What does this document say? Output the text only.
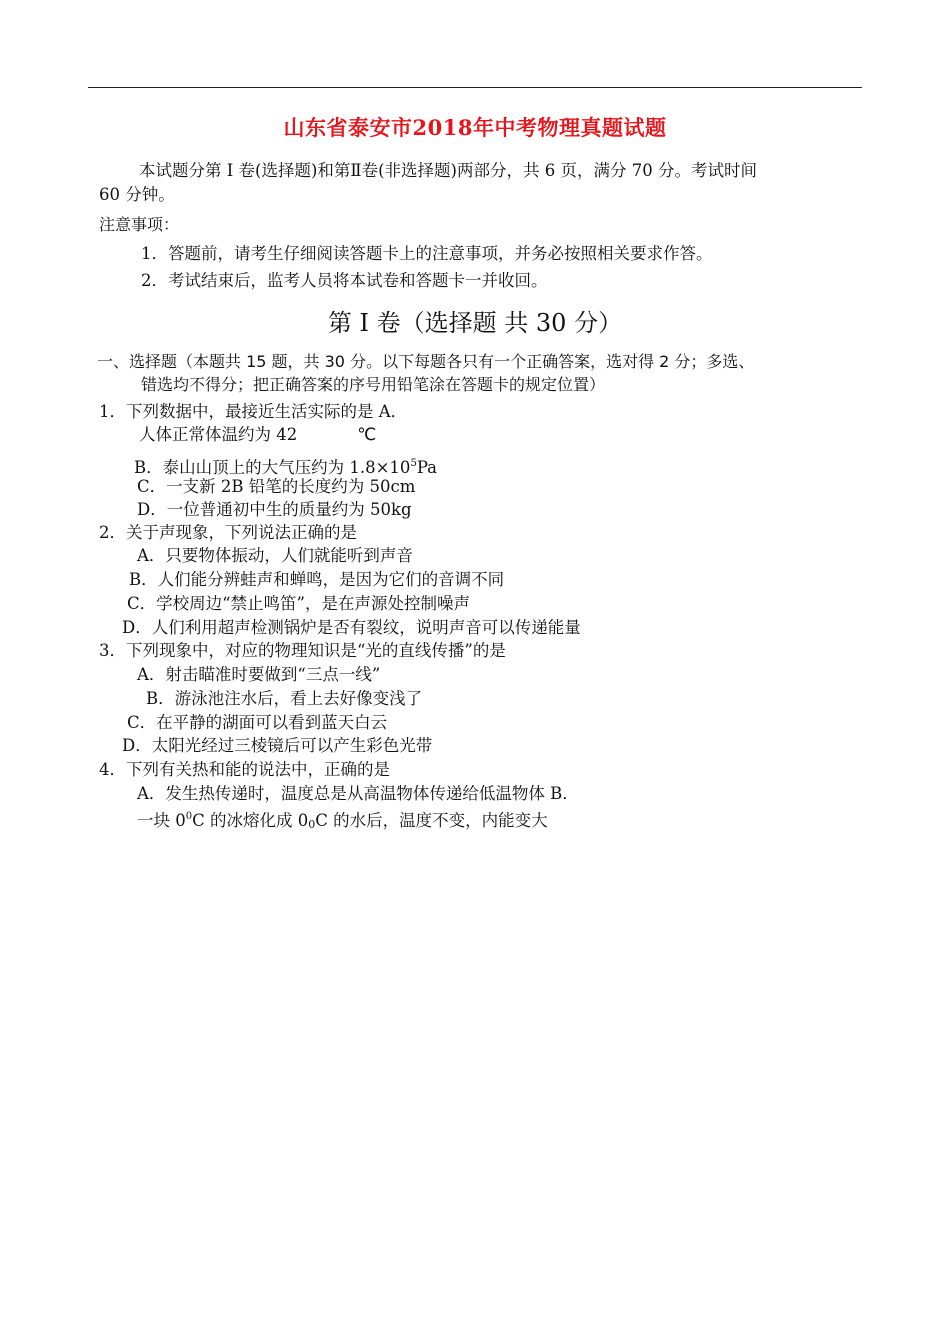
山东省泰安市2018年中考物理真题试题
本试题分第 I 卷(选择题)和第Ⅱ卷(非选择题)两部分，共 6 页，满分 70 分。考试时间
60 分钟。
注意事项：
1．答题前，请考生仔细阅读答题卡上的注意事项，并务必按照相关要求作答。
2．考试结束后，监考人员将本试卷和答题卡一并收回。
第 I 卷（选择题 共 30 分）
一、选择题（本题共 15 题，共 30 分。以下每题各只有一个正确答案，选对得 2 分；多选、
错选均不得分；把正确答案的序号用铅笔涂在答题卡的规定位置）
1．下列数据中，最接近生活实际的是 A．
人体正常体温约为 42	℃
B．泰山山顶上的大气压约为 $1.8\times 10^5Pa$
C．一支新 2B 铅笔的长度约为 50cm
D．一位普通初中生的质量约为 50kg
2．关于声现象，下列说法正确的是
A．只要物体振动，人们就能听到声音
B．人们能分辨蛙声和蝉鸣，是因为它们的音调不同
C．学校周边“禁止鸣笛”，是在声源处控制噪声
D．人们利用超声检测锅炉是否有裂纹，说明声音可以传递能量
3．下列现象中，对应的物理知识是“光的直线传播”的是
A．射击瞄准时要做到“三点一线”
B．游泳池注水后，看上去好像变浅了
C．在平静的湖面可以看到蓝天白云
D．太阳光经过三棱镜后可以产生彩色光带
4．下列有关热和能的说法中，正确的是
A．发生热传递时，温度总是从高温物体传递给低温物体 B．
一块 $0^0C$ 的冰熔化成 $0_0C$ 的水后，温度不变，内能变大
